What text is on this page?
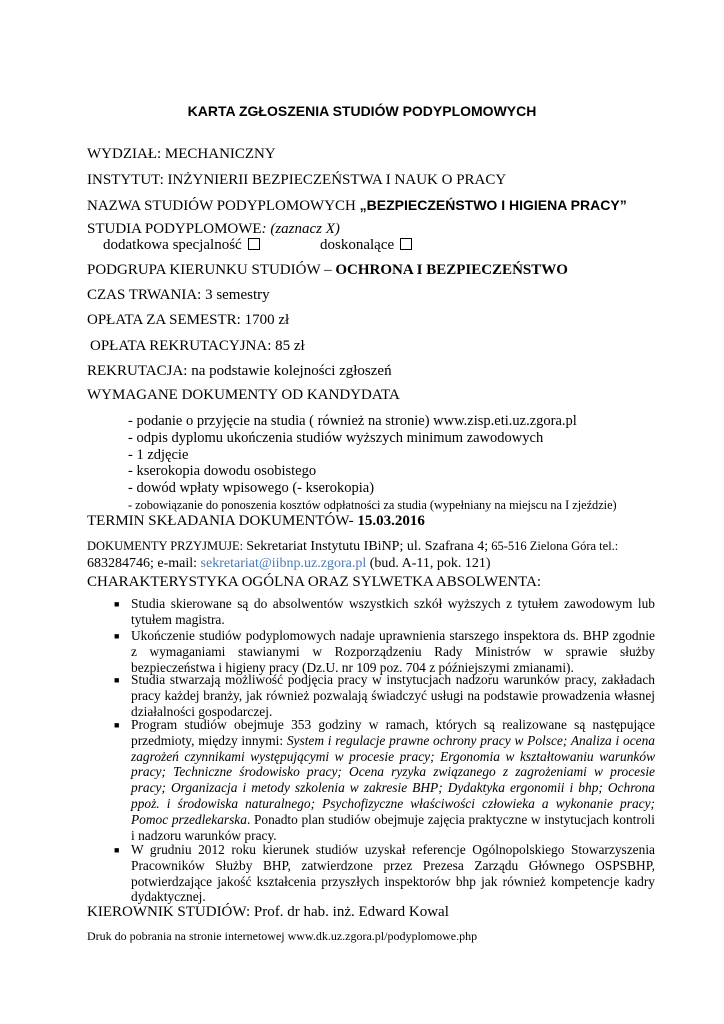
KARTA ZGŁOSZENIA STUDIÓW PODYPLOMOWYCH
WYDZIAŁ: MECHANICZNY
INSTYTUT: INŻYNIERII BEZPIECZEŃSTWA I NAUK O PRACY
NAZWA STUDIÓW PODYPLOMOWYCH „BEZPIECZEŃSTWO I HIGIENA PRACY”
STUDIA PODYPLOMOWE: (zaznacz X)
dodatkowa specjalność	doskonalące
PODGRUPA KIERUNKU STUDIÓW – OCHRONA I BEZPIECZEŃSTWO
CZAS TRWANIA: 3 semestry
OPŁATA ZA SEMESTR: 1700 zł
OPŁATA REKRUTACYJNA: 85 zł
REKRUTACJA: na podstawie kolejności zgłoszeń
WYMAGANE DOKUMENTY OD KANDYDATA
- podanie o przyjęcie na studia ( również na stronie) www.zisp.eti.uz.zgora.pl
- odpis dyplomu ukończenia studiów wyższych minimum zawodowych
- 1 zdjęcie
- kserokopia dowodu osobistego
- dowód wpłaty wpisowego (- kserokopia)
- zobowiązanie do ponoszenia kosztów odpłatności za studia (wypełniany na miejscu na I zjeździe)
TERMIN SKŁADANIA DOKUMENTÓW- 15.03.2016
DOKUMENTY PRZYJMUJE: Sekretariat Instytutu IBiNP; ul. Szafrana 4; 65-516 Zielona Góra tel.:
683284746; e-mail: sekretariat@iibnp.uz.zgora.pl (bud. A-11, pok. 121)
CHARAKTERYSTYKA OGÓLNA ORAZ SYLWETKA ABSOLWENTA:
■ Studia skierowane są do absolwentów wszystkich szkół wyższych z tytułem zawodowym lub tytułem magistra.
■ Ukończenie studiów podyplomowych nadaje uprawnienia starszego inspektora ds. BHP zgodnie z wymaganiami stawianymi w Rozporządzeniu Rady Ministrów w sprawie służby bezpieczeństwa i higieny pracy (Dz.U. nr 109 poz. 704 z późniejszymi zmianami).
■ Studia stwarzają możliwość podjęcia pracy w instytucjach nadzoru warunków pracy, zakładach pracy każdej branży, jak również pozwalają świadczyć usługi na podstawie prowadzenia własnej działalności gospodarczej.
■ Program studiów obejmuje 353 godziny w ramach, których są realizowane są następujące przedmioty, między innymi: System i regulacje prawne ochrony pracy w Polsce; Analiza i ocena zagrożeń czynnikami występującymi w procesie pracy; Ergonomia w kształtowaniu warunków pracy; Techniczne środowisko pracy; Ocena ryzyka związanego z zagrożeniami w procesie pracy; Organizacja i metody szkolenia w zakresie BHP; Dydaktyka ergonomii i bhp; Ochrona ppoż. i środowiska naturalnego; Psychofizyczne właściwości człowieka a wykonanie pracy; Pomoc przedlekarska. Ponadto plan studiów obejmuje zajęcia praktyczne w instytucjach kontroli i nadzoru warunków pracy.
■ W grudniu 2012 roku kierunek studiów uzyskał referencje Ogólnopolskiego Stowarzyszenia Pracowników Służby BHP, zatwierdzone przez Prezesa Zarządu Głównego OSPSBHP, potwierdzające jakość kształcenia przyszłych inspektorów bhp jak również kompetencje kadry dydaktycznej.
KIEROWNIK STUDIÓW: Prof. dr hab. inż. Edward Kowal
Druk do pobrania na stronie internetowej www.dk.uz.zgora.pl/podyplomowe.php
